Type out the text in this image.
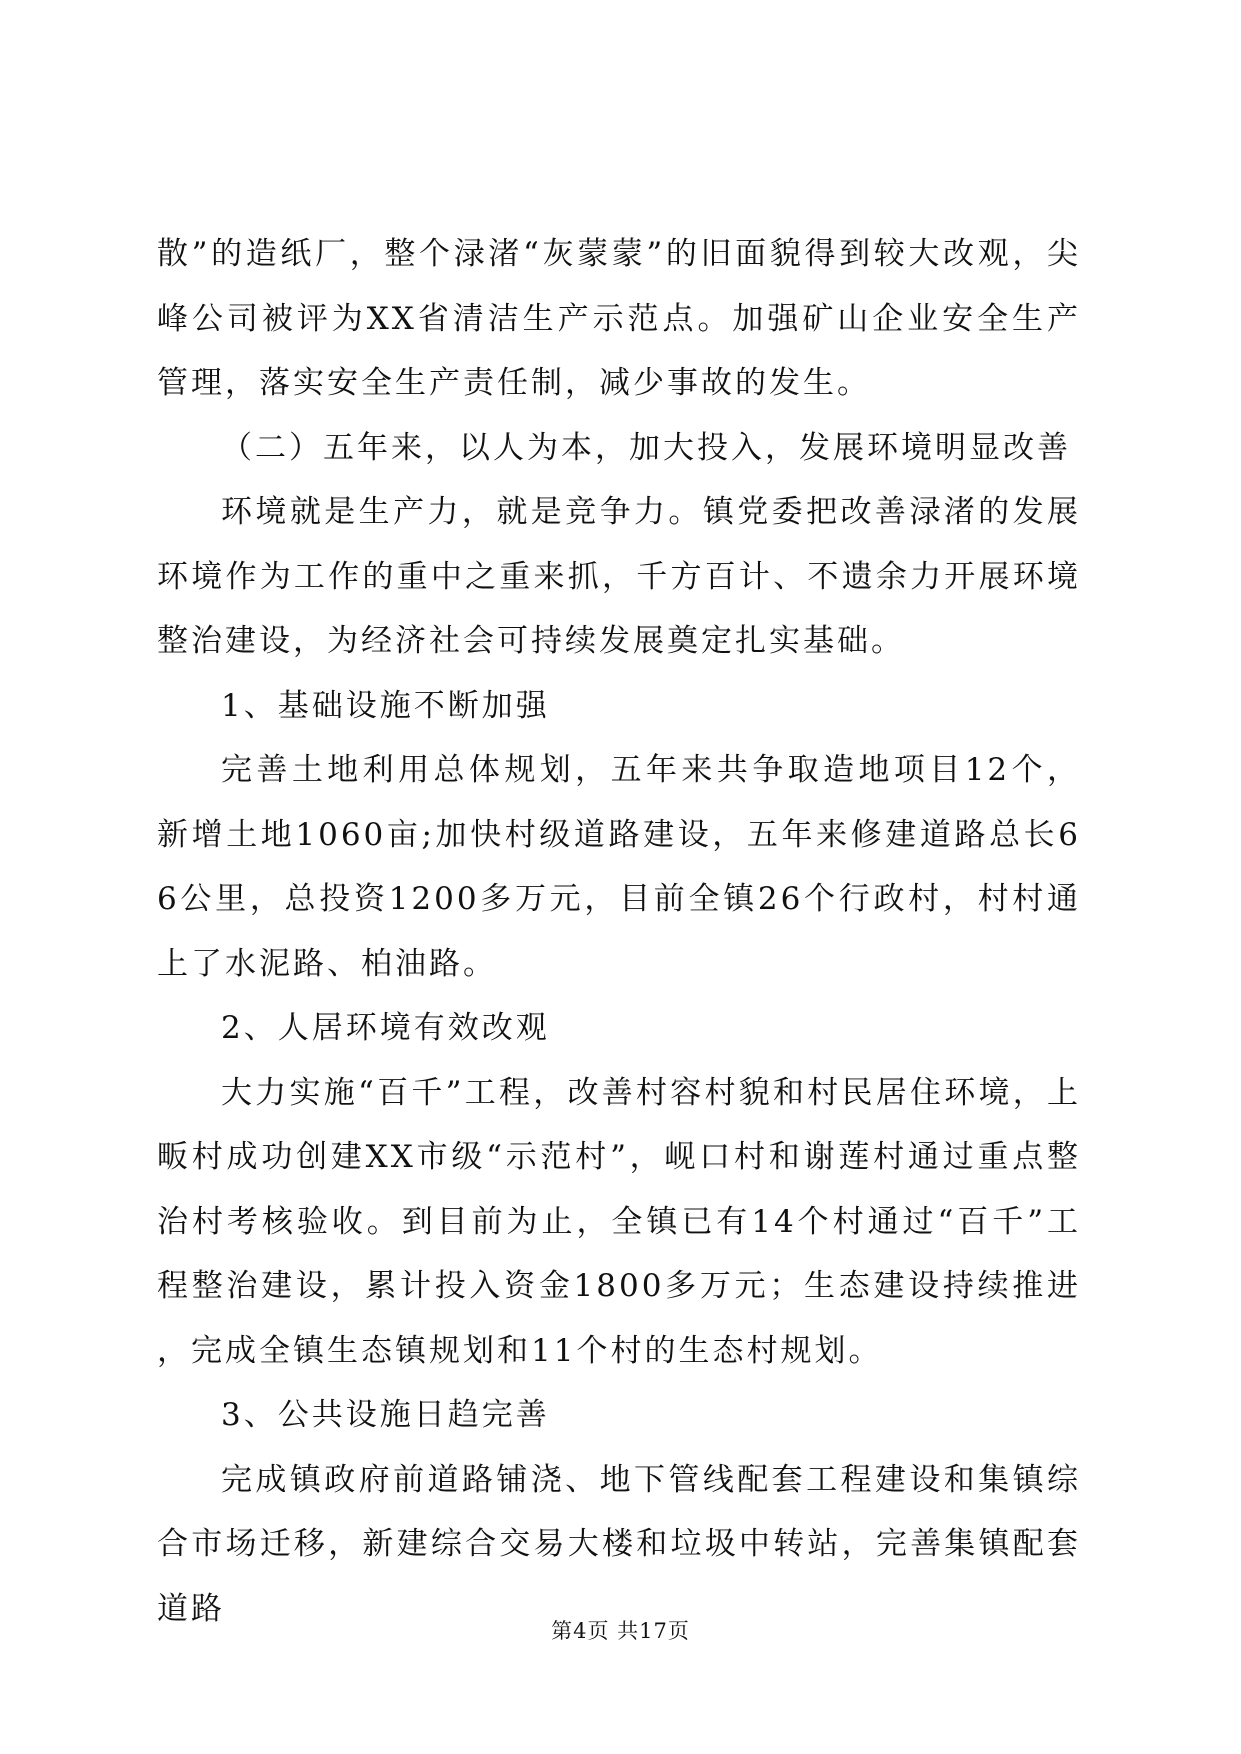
散”的造纸厂，整个渌渚“灰蒙蒙”的旧面貌得到较大改观，尖峰公司被评为XX省清洁生产示范点。加强矿山企业安全生产管理，落实安全生产责任制，减少事故的发生。

（二）五年来，以人为本，加大投入，发展环境明显改善

环境就是生产力，就是竞争力。镇党委把改善渌渚的发展环境作为工作的重中之重来抓，千方百计、不遗余力开展环境整治建设，为经济社会可持续发展奠定扎实基础。

1、基础设施不断加强

完善土地利用总体规划，五年来共争取造地项目12个，新增土地1060亩;加快村级道路建设，五年来修建道路总长66公里，总投资1200多万元，目前全镇26个行政村，村村通上了水泥路、柏油路。

2、人居环境有效改观

大力实施“百千”工程，改善村容村貌和村民居住环境，上畈村成功创建XX市级“示范村”，岘口村和谢莲村通过重点整治村考核验收。到目前为止，全镇已有14个村通过“百千”工程整治建设，累计投入资金1800多万元；生态建设持续推进，完成全镇生态镇规划和11个村的生态村规划。

3、公共设施日趋完善

完成镇政府前道路铺浇、地下管线配套工程建设和集镇综合市场迁移，新建综合交易大楼和垃圾中转站，完善集镇配套道路

第4页 共17页
